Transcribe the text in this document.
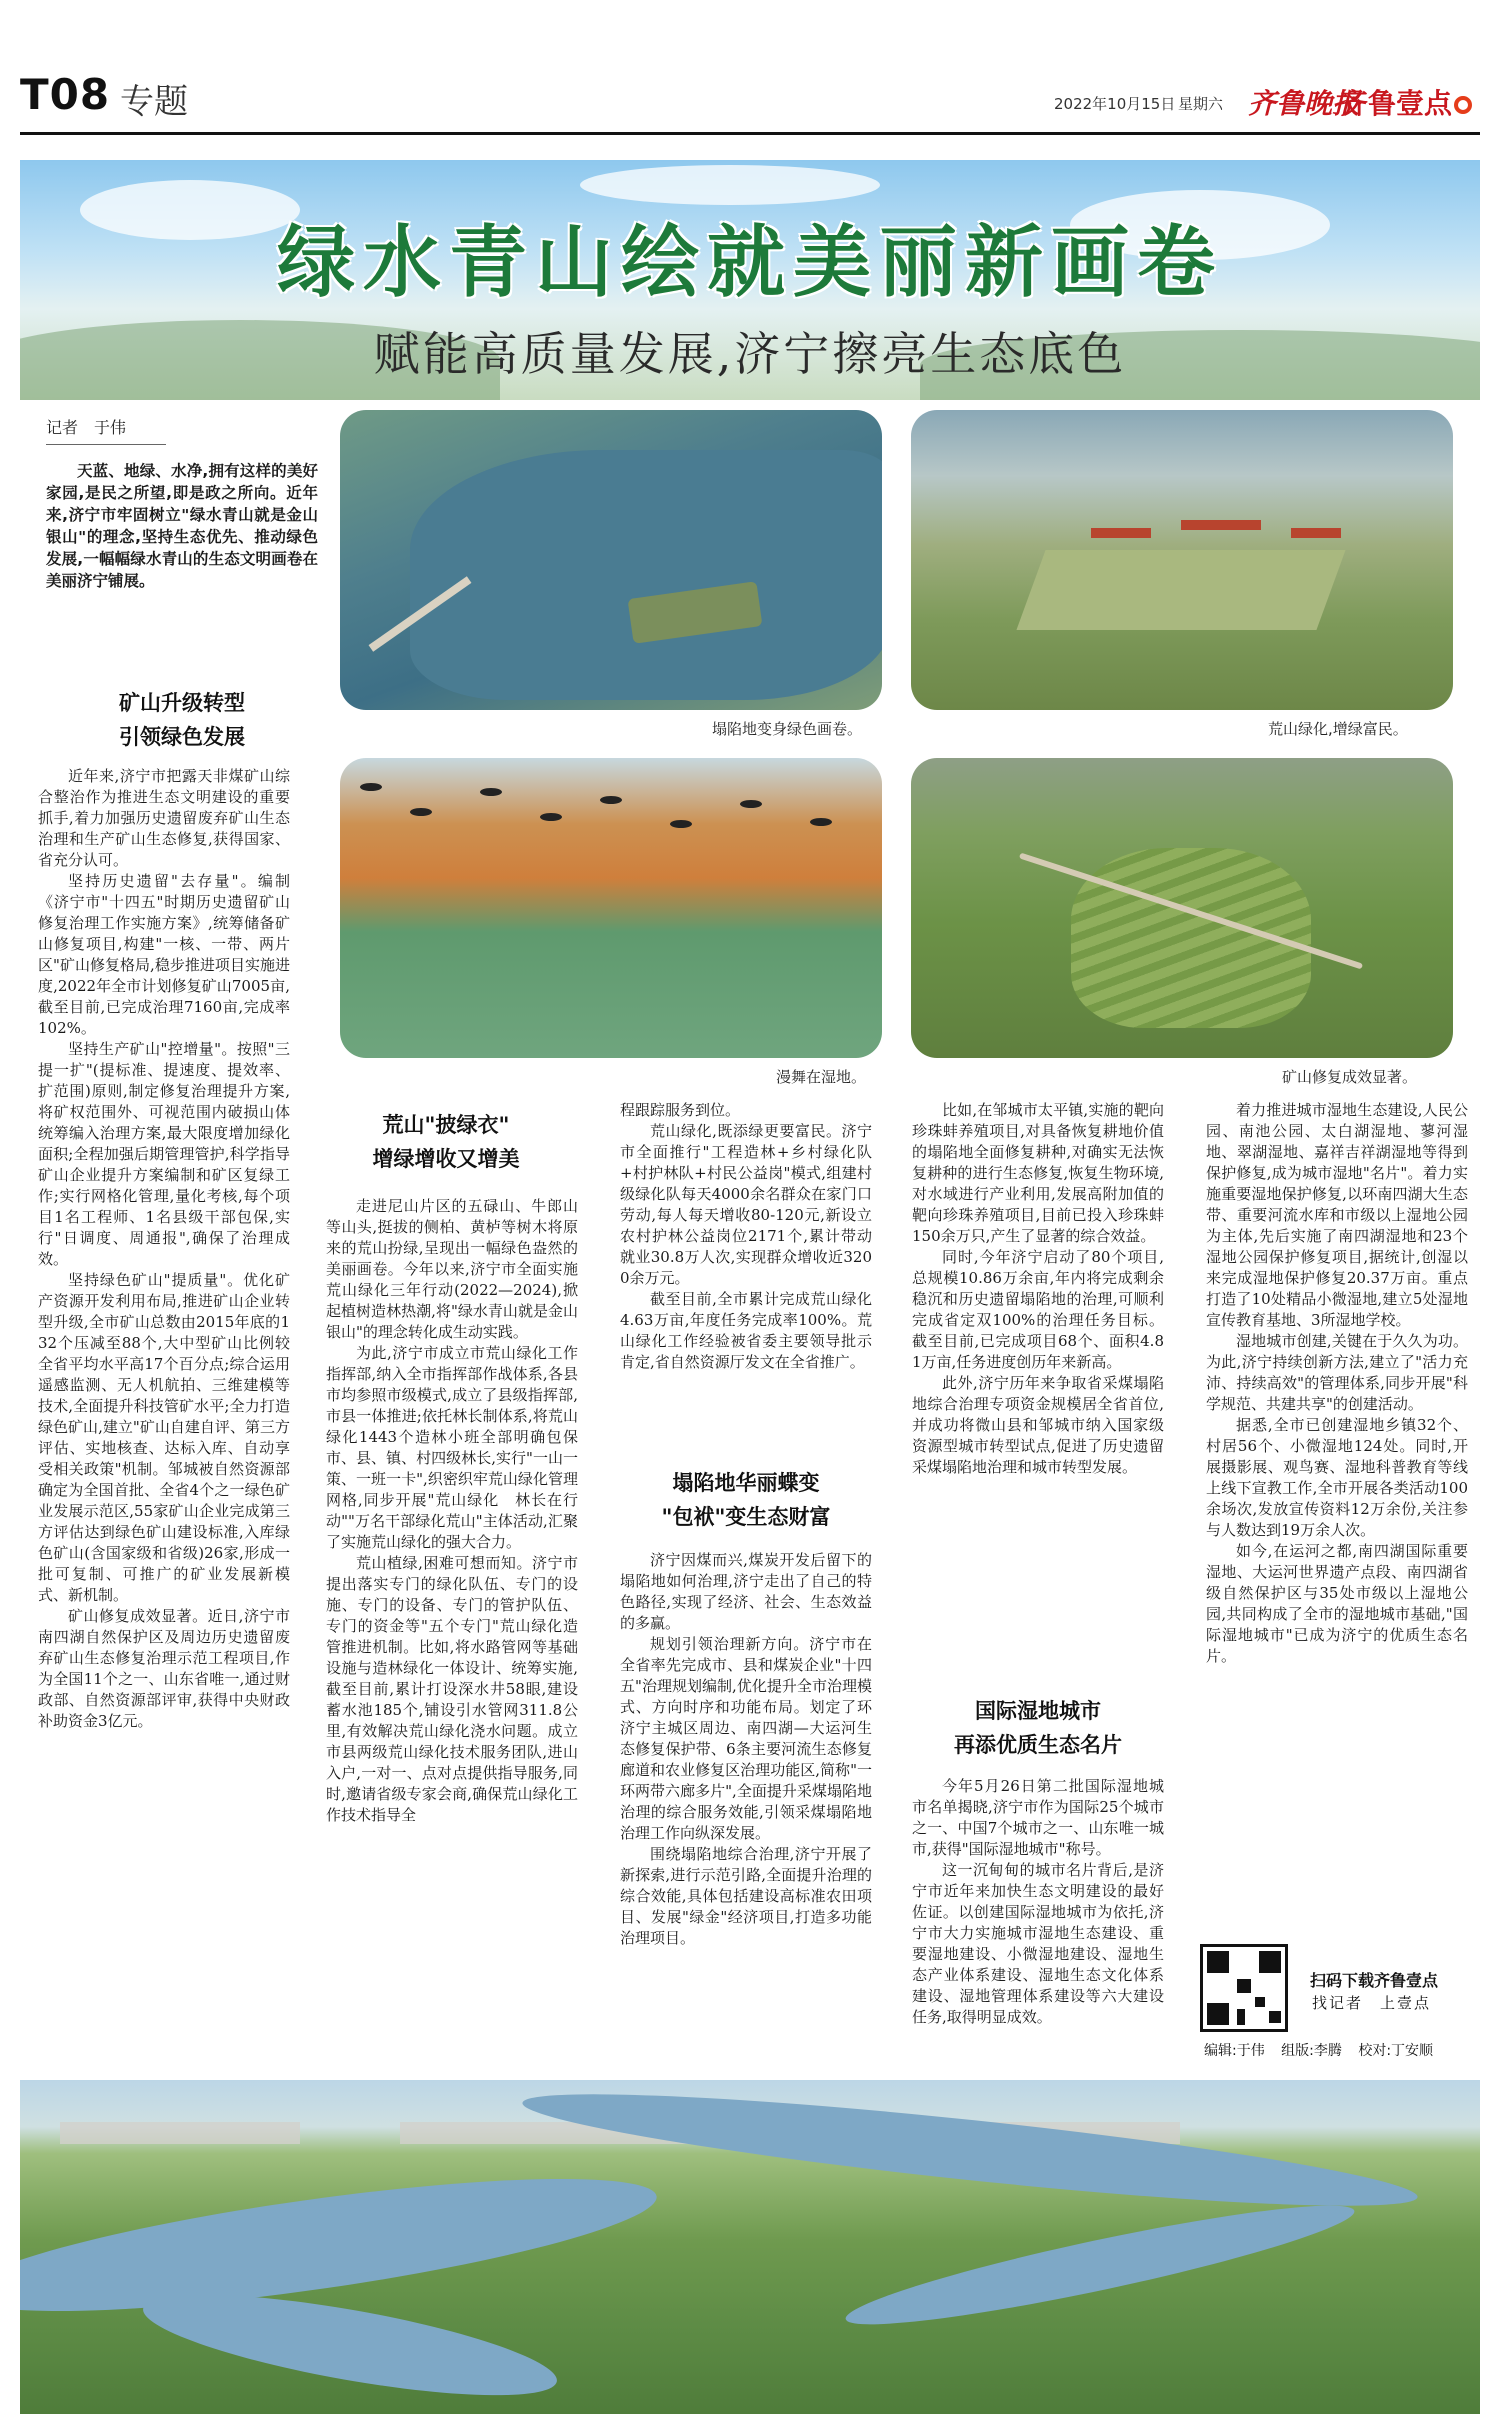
T08 专题	2022年10月15日 星期六 齐鲁晚报
齐鲁壹点
绿水青山绘就美丽新画卷
赋能高质量发展,济宁擦亮生态底色
塌陷地变身绿色画卷。	荒山绿化,增绿富民。
漫舞在湿地。	矿山修复成效显著。
记者　于伟

天蓝、地绿、水净,拥有这样的美好家园,是民之所望,即是政之所向。近年来,济宁市牢固树立"绿水青山就是金山银山"的理念,坚持生态优先、推动绿色发展,一幅幅绿水青山的生态文明画卷在美丽济宁铺展。

矿山升级转型
引领绿色发展

近年来,济宁市把露天非煤矿山综合整治作为推进生态文明建设的重要抓手,着力加强历史遗留废弃矿山生态治理和生产矿山生态修复,获得国家、省充分认可。

坚持历史遗留"去存量"。编制《济宁市"十四五"时期历史遗留矿山修复治理工作实施方案》,统筹储备矿山修复项目,构建"一核、一带、两片区"矿山修复格局,稳步推进项目实施进度,2022年全市计划修复矿山7005亩,截至目前,已完成治理7160亩,完成率102%。

坚持生产矿山"控增量"。按照"三提一扩"(提标准、提速度、提效率、扩范围)原则,制定修复治理提升方案,将矿权范围外、可视范围内破损山体统筹编入治理方案,最大限度增加绿化面积;全程加强后期管理管护,科学指导矿山企业提升方案编制和矿区复绿工作;实行网格化管理,量化考核,每个项目1名工程师、1名县级干部包保,实行"日调度、周通报",确保了治理成效。

坚持绿色矿山"提质量"。优化矿产资源开发利用布局,推进矿山企业转型升级,全市矿山总数由2015年底的132个压减至88个,大中型矿山比例较全省平均水平高17个百分点;综合运用遥感监测、无人机航拍、三维建模等技术,全面提升科技管矿水平;全力打造绿色矿山,建立"矿山自建自评、第三方评估、实地核查、达标入库、自动享受相关政策"机制。邹城被自然资源部确定为全国首批、全省4个之一绿色矿业发展示范区,55家矿山企业完成第三方评估达到绿色矿山建设标准,入库绿色矿山(含国家级和省级)26家,形成一批可复制、可推广的矿业发展新模式、新机制。

矿山修复成效显著。近日,济宁市南四湖自然保护区及周边历史遗留废弃矿山生态修复治理示范工程项目,作为全国11个之一、山东省唯一,通过财政部、自然资源部评审,获得中央财政补助资金3亿元。

荒山"披绿衣"
增绿增收又增美

走进尼山片区的五碌山、牛郎山等山头,挺拔的侧柏、黄栌等树木将原来的荒山扮绿,呈现出一幅绿色盎然的美丽画卷。今年以来,济宁市全面实施荒山绿化三年行动(2022—2024),掀起植树造林热潮,将"绿水青山就是金山银山"的理念转化成生动实践。

为此,济宁市成立市荒山绿化工作指挥部,纳入全市指挥部作战体系,各县市均参照市级模式,成立了县级指挥部,市县一体推进;依托林长制体系,将荒山绿化1443个造林小班全部明确包保市、县、镇、村四级林长,实行"一山一策、一班一卡",织密织牢荒山绿化管理网格,同步开展"荒山绿化　林长在行动""万名干部绿化荒山"主体活动,汇聚了实施荒山绿化的强大合力。

荒山植绿,困难可想而知。济宁市提出落实专门的绿化队伍、专门的设施、专门的设备、专门的管护队伍、专门的资金等"五个专门"荒山绿化造管推进机制。比如,将水路管网等基础设施与造林绿化一体设计、统筹实施,截至目前,累计打设深水井58眼,建设蓄水池185个,铺设引水管网311.8公里,有效解决荒山绿化浇水问题。成立市县两级荒山绿化技术服务团队,进山入户,一对一、点对点提供指导服务,同时,邀请省级专家会商,确保荒山绿化工作技术指导全

程跟踪服务到位。

荒山绿化,既添绿更要富民。济宁市全面推行"工程造林+乡村绿化队+村护林队+村民公益岗"模式,组建村级绿化队每天4000余名群众在家门口劳动,每人每天增收80-120元,新设立农村护林公益岗位2171个,累计带动就业30.8万人次,实现群众增收近3200余万元。

截至目前,全市累计完成荒山绿化4.63万亩,年度任务完成率100%。荒山绿化工作经验被省委主要领导批示肯定,省自然资源厅发文在全省推广。

塌陷地华丽蝶变
"包袱"变生态财富

济宁因煤而兴,煤炭开发后留下的塌陷地如何治理,济宁走出了自己的特色路径,实现了经济、社会、生态效益的多赢。

规划引领治理新方向。济宁市在全省率先完成市、县和煤炭企业"十四五"治理规划编制,优化提升全市治理模式、方向时序和功能布局。划定了环济宁主城区周边、南四湖—大运河生态修复保护带、6条主要河流生态修复廊道和农业修复区治理功能区,简称"一环两带六廊多片",全面提升采煤塌陷地治理的综合服务效能,引领采煤塌陷地治理工作向纵深发展。

围绕塌陷地综合治理,济宁开展了新探索,进行示范引路,全面提升治理的综合效能,具体包括建设高标准农田项目、发展"绿金"经济项目,打造多功能治理项目。

比如,在邹城市太平镇,实施的靶向珍珠蚌养殖项目,对具备恢复耕地价值的塌陷地全面修复耕种,对确实无法恢复耕种的进行生态修复,恢复生物环境,对水域进行产业利用,发展高附加值的靶向珍珠养殖项目,目前已投入珍珠蚌150余万只,产生了显著的综合效益。

同时,今年济宁启动了80个项目,总规模10.86万余亩,年内将完成剩余稳沉和历史遗留塌陷地的治理,可顺利完成省定双100%的治理任务目标。截至目前,已完成项目68个、面积4.81万亩,任务进度创历年来新高。

此外,济宁历年来争取省采煤塌陷地综合治理专项资金规模居全省首位,并成功将微山县和邹城市纳入国家级资源型城市转型试点,促进了历史遗留采煤塌陷地治理和城市转型发展。

国际湿地城市
再添优质生态名片

今年5月26日第二批国际湿地城市名单揭晓,济宁市作为国际25个城市之一、中国7个城市之一、山东唯一城市,获得"国际湿地城市"称号。

这一沉甸甸的城市名片背后,是济宁市近年来加快生态文明建设的最好佐证。以创建国际湿地城市为依托,济宁市大力实施城市湿地生态建设、重要湿地建设、小微湿地建设、湿地生态产业体系建设、湿地生态文化体系建设、湿地管理体系建设等六大建设任务,取得明显成效。

着力推进城市湿地生态建设,人民公园、南池公园、太白湖湿地、蓼河湿地、翠湖湿地、嘉祥吉祥湖湿地等得到保护修复,成为城市湿地"名片"。着力实施重要湿地保护修复,以环南四湖大生态带、重要河流水库和市级以上湿地公园为主体,先后实施了南四湖湿地和23个湿地公园保护修复项目,据统计,创湿以来完成湿地保护修复20.37万亩。重点打造了10处精品小微湿地,建立5处湿地宣传教育基地、3所湿地学校。

湿地城市创建,关键在于久久为功。为此,济宁持续创新方法,建立了"活力充沛、持续高效"的管理体系,同步开展"科学规范、共建共享"的创建活动。

据悉,全市已创建湿地乡镇32个、村居56个、小微湿地124处。同时,开展摄影展、观鸟赛、湿地科普教育等线上线下宣教工作,全市开展各类活动100余场次,发放宣传资料12万余份,关注参与人数达到19万余人次。

如今,在运河之都,南四湖国际重要湿地、大运河世界遗产点段、南四湖省级自然保护区与35处市级以上湿地公园,共同构成了全市的湿地城市基础,"国际湿地城市"已成为济宁的优质生态名片。

扫码下载齐鲁壹点
找记者　上壹点
编辑:于伟 组版:李腾 校对:丁安顺
